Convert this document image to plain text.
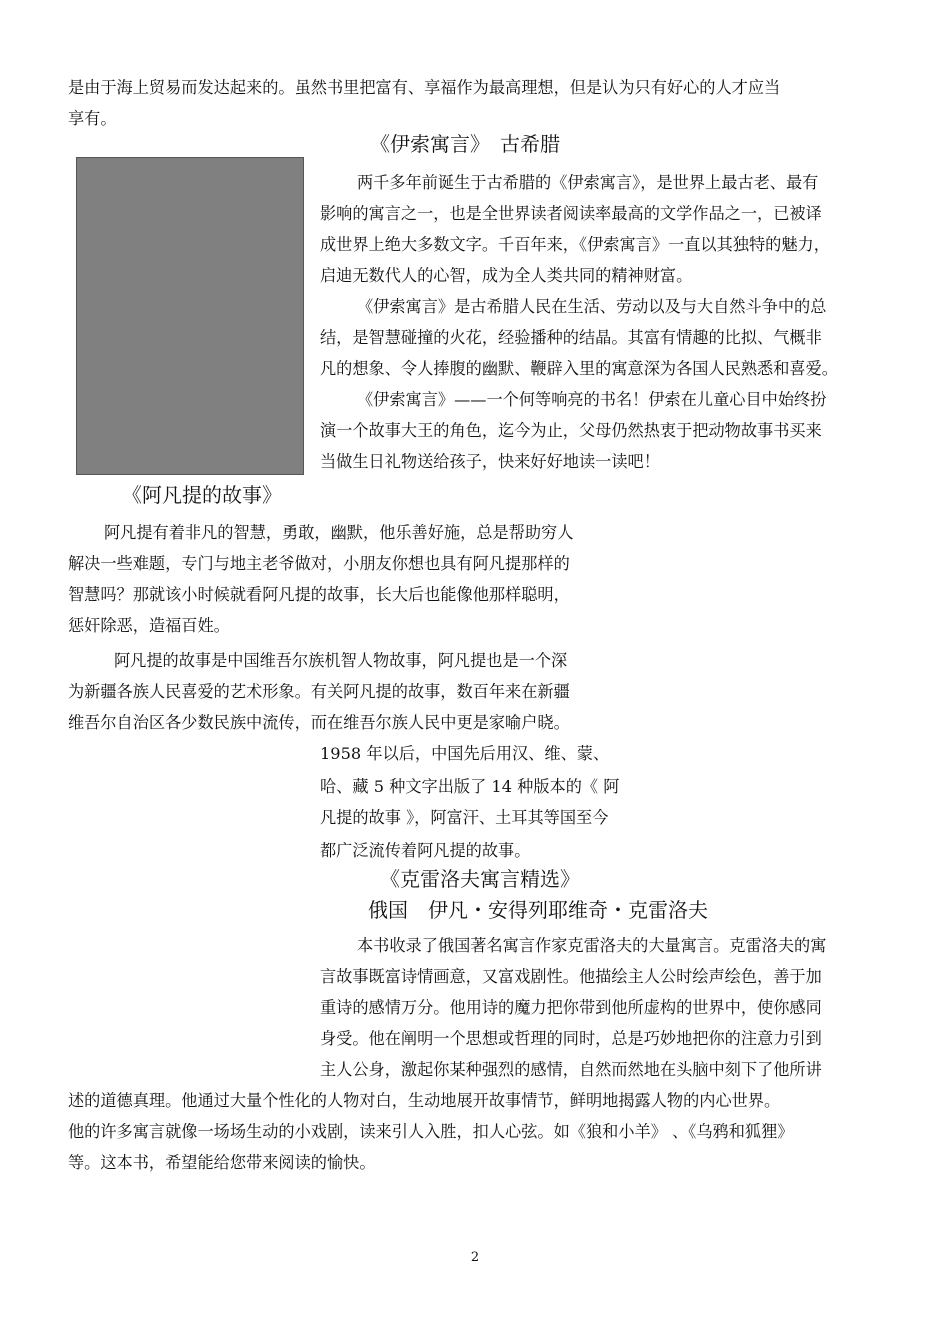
是由于海上贸易而发达起来的。虽然书里把富有、享福作为最高理想，但是认为只有好心的人才应当
享有。
《伊索寓言》　古希腊
两千多年前诞生于古希腊的《伊索寓言》，是世界上最古老、最有
影响的寓言之一，也是全世界读者阅读率最高的文学作品之一，已被译
成世界上绝大多数文字。千百年来，《伊索寓言》一直以其独特的魅力，
启迪无数代人的心智，成为全人类共同的精神财富。
《伊索寓言》是古希腊人民在生活、劳动以及与大自然斗争中的总
结，是智慧碰撞的火花，经验播种的结晶。其富有情趣的比拟、气概非
凡的想象、令人捧腹的幽默、鞭辟入里的寓意深为各国人民熟悉和喜爱。
《伊索寓言》——一个何等响亮的书名！伊索在儿童心目中始终扮
演一个故事大王的角色，迄今为止，父母仍然热衷于把动物故事书买来
当做生日礼物送给孩子，快来好好地读一读吧！
《阿凡提的故事》
阿凡提有着非凡的智慧，勇敢，幽默，他乐善好施，总是帮助穷人
解决一些难题，专门与地主老爷做对，小朋友你想也具有阿凡提那样的
智慧吗？那就该小时候就看阿凡提的故事，长大后也能像他那样聪明，
惩奸除恶，造福百姓。
阿凡提的故事是中国维吾尔族机智人物故事，阿凡提也是一个深
为新疆各族人民喜爱的艺术形象。有关阿凡提的故事，数百年来在新疆
维吾尔自治区各少数民族中流传，而在维吾尔族人民中更是家喻户晓。
1958 年以后，中国先后用汉、维、蒙、
哈、藏 5 种文字出版了 14 种版本的《 阿
凡提的故事 》，阿富汗、土耳其等国至今
都广泛流传着阿凡提的故事。
《克雷洛夫寓言精选》
俄国　伊凡・安得列耶维奇・克雷洛夫
本书收录了俄国著名寓言作家克雷洛夫的大量寓言。克雷洛夫的寓
言故事既富诗情画意，又富戏剧性。他描绘主人公时绘声绘色，善于加
重诗的感情万分。他用诗的魔力把你带到他所虚构的世界中，使你感同
身受。他在阐明一个思想或哲理的同时，总是巧妙地把你的注意力引到
主人公身，激起你某种强烈的感情，自然而然地在头脑中刻下了他所讲
述的道德真理。他通过大量个性化的人物对白，生动地展开故事情节，鲜明地揭露人物的内心世界。
他的许多寓言就像一场场生动的小戏剧，读来引人入胜，扣人心弦。如《狼和小羊》 、《乌鸦和狐狸》
等。这本书，希望能给您带来阅读的愉快。
2
